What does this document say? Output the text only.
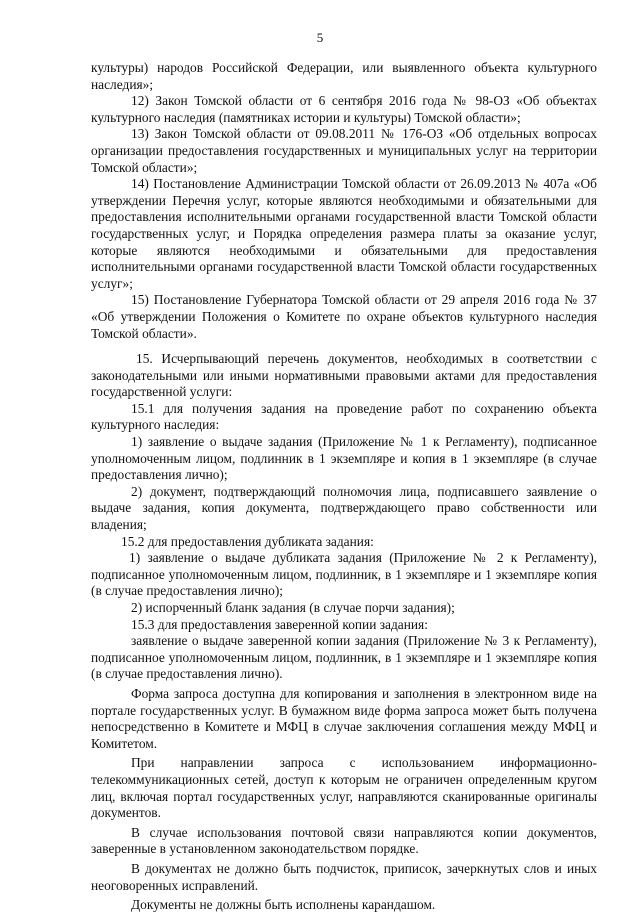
5

культуры) народов Российской Федерации, или выявленного объекта культурного наследия»;

12) Закон Томской области от 6 сентября 2016 года № 98-ОЗ «Об объектах культурного наследия (памятниках истории и культуры) Томской области»;

13) Закон Томской области от 09.08.2011 № 176-ОЗ «Об отдельных вопросах организации предоставления государственных и муниципальных услуг на территории Томской области»;

14) Постановление Администрации Томской области от 26.09.2013 № 407а «Об утверждении Перечня услуг, которые являются необходимыми и обязательными для предоставления исполнительными органами государственной власти Томской области государственных услуг, и Порядка определения размера платы за оказание услуг, которые являются необходимыми и обязательными для предоставления исполнительными органами государственной власти Томской области государственных услуг»;

15) Постановление Губернатора Томской области от 29 апреля 2016 года № 37 «Об утверждении Положения о Комитете по охране объектов культурного наследия Томской области».

15. Исчерпывающий перечень документов, необходимых в соответствии с законодательными или иными нормативными правовыми актами для предоставления государственной услуги:

15.1 для получения задания на проведение работ по сохранению объекта культурного наследия:

1) заявление о выдаче задания (Приложение № 1 к Регламенту), подписанное уполномоченным лицом, подлинник в 1 экземпляре и копия в 1 экземпляре (в случае предоставления лично);

2) документ, подтверждающий полномочия лица, подписавшего заявление о выдаче задания, копия документа, подтверждающего право собственности или владения;

15.2 для предоставления дубликата задания:

1) заявление о выдаче дубликата задания (Приложение № 2 к Регламенту), подписанное уполномоченным лицом, подлинник, в 1 экземпляре и 1 экземпляре копия (в случае предоставления лично);

2) испорченный бланк задания (в случае порчи задания);

15.3 для предоставления заверенной копии задания:

заявление о выдаче заверенной копии задания (Приложение № 3 к Регламенту), подписанное уполномоченным лицом, подлинник, в 1 экземпляре и 1 экземпляре копия (в случае предоставления лично).

Форма запроса доступна для копирования и заполнения в электронном виде на портале государственных услуг. В бумажном виде форма запроса может быть получена непосредственно в Комитете и МФЦ в случае заключения соглашения между МФЦ и Комитетом.

При направлении запроса с использованием информационно-телекоммуникационных сетей, доступ к которым не ограничен определенным кругом лиц, включая портал государственных услуг, направляются сканированные оригиналы документов.

В случае использования почтовой связи направляются копии документов, заверенные в установленном законодательством порядке.

В документах не должно быть подчисток, приписок, зачеркнутых слов и иных неоговоренных исправлений.

Документы не должны быть исполнены карандашом.
